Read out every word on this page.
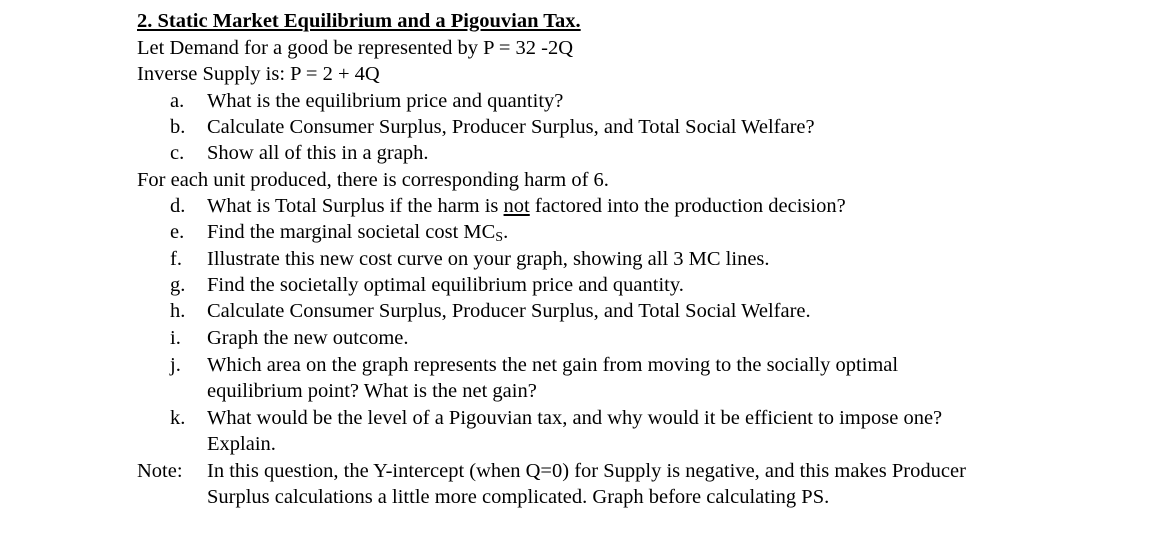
2. Static Market Equilibrium and a Pigouvian Tax.
Let Demand for a good be represented by P = 32 -2Q
Inverse Supply is: P = 2 + 4Q
a. What is the equilibrium price and quantity?
b. Calculate Consumer Surplus, Producer Surplus, and Total Social Welfare?
c. Show all of this in a graph.
For each unit produced, there is corresponding harm of 6.
d. What is Total Surplus if the harm is not factored into the production decision?
e. Find the marginal societal cost $MC_S$.
f. Illustrate this new cost curve on your graph, showing all 3 MC lines.
g. Find the societally optimal equilibrium price and quantity.
h. Calculate Consumer Surplus, Producer Surplus, and Total Social Welfare.
i. Graph the new outcome.
j. Which area on the graph represents the net gain from moving to the socially optimal
equilibrium point? What is the net gain?
k. What would be the level of a Pigouvian tax, and why would it be efficient to impose one?
Explain.
Note: In this question, the Y-intercept (when Q=0) for Supply is negative, and this makes Producer
Surplus calculations a little more complicated. Graph before calculating PS.
